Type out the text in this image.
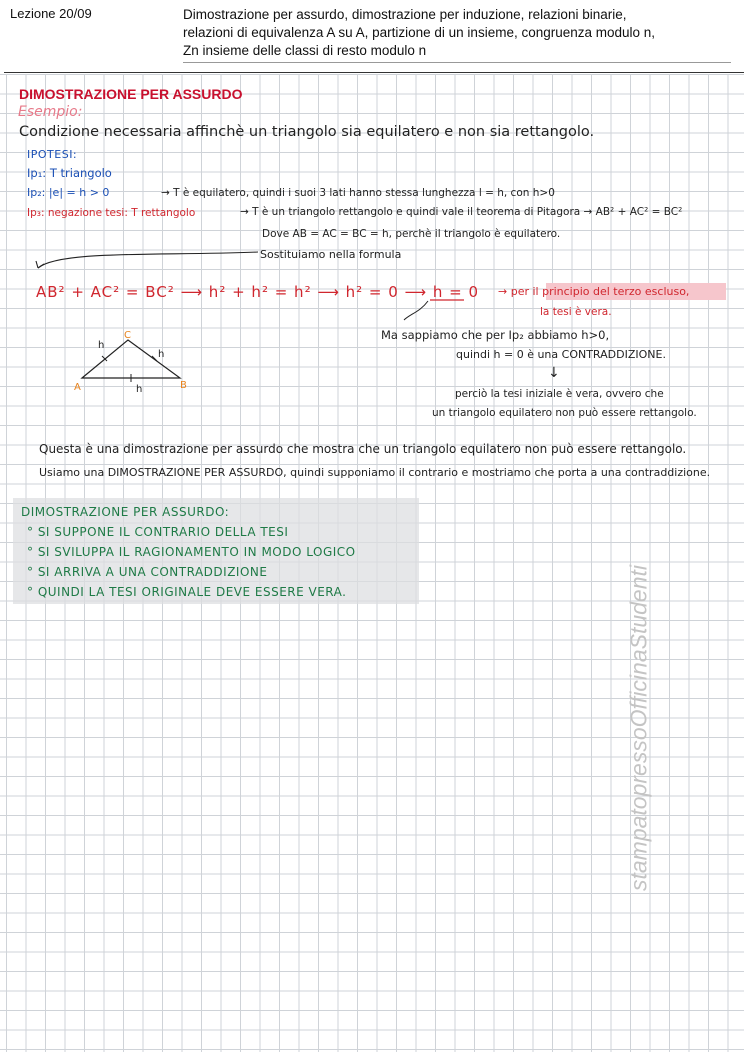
Lezione 20/09	Dimostrazione per assurdo, dimostrazione per induzione, relazioni binarie,
relazioni di equivalenza A su A, partizione di un insieme, congruenza modulo n,
Zn insieme delle classi di resto modulo n
DIMOSTRAZIONE PER ASSURDO
Esempio:
Condizione necessaria affinchè un triangolo sia equilatero e non sia rettangolo.
IPOTESI:
Ip₁: T triangolo
Ip₂: |e| = h > 0	→ T è equilatero, quindi i suoi 3 lati hanno stessa lunghezza l = h, con h>0
Ip₃: negazione tesi: T rettangolo	→ T è un triangolo rettangolo e quindi vale il teorema di Pitagora → AB² + AC² = BC²
Dove AB = AC = BC = h, perchè il triangolo è equilatero.
Sostituiamo nella formula
AB² + AC² = BC² ⟶ h² + h² = h² ⟶ h² = 0 ⟶ h = 0 → per il principio del terzo escluso,
la tesi è vera.
A	B
C
h
h
h
Ma sappiamo che per Ip₂ abbiamo h>0,
quindi h = 0 è una CONTRADDIZIONE.
↓
perciò la tesi iniziale è vera, ovvero che
un triangolo equilatero non può essere rettangolo.
Questa è una dimostrazione per assurdo che mostra che un triangolo equilatero non può essere rettangolo.
Usiamo una DIMOSTRAZIONE PER ASSURDO, quindi supponiamo il contrario e mostriamo che porta a una contraddizione.
DIMOSTRAZIONE PER ASSURDO:
° SI SUPPONE IL CONTRARIO DELLA TESI
° SI SVILUPPA IL RAGIONAMENTO IN MODO LOGICO
° SI ARRIVA A UNA CONTRADDIZIONE
° QUINDI LA TESI ORIGINALE DEVE ESSERE VERA.	stampatopressoOfficinaStudenti
